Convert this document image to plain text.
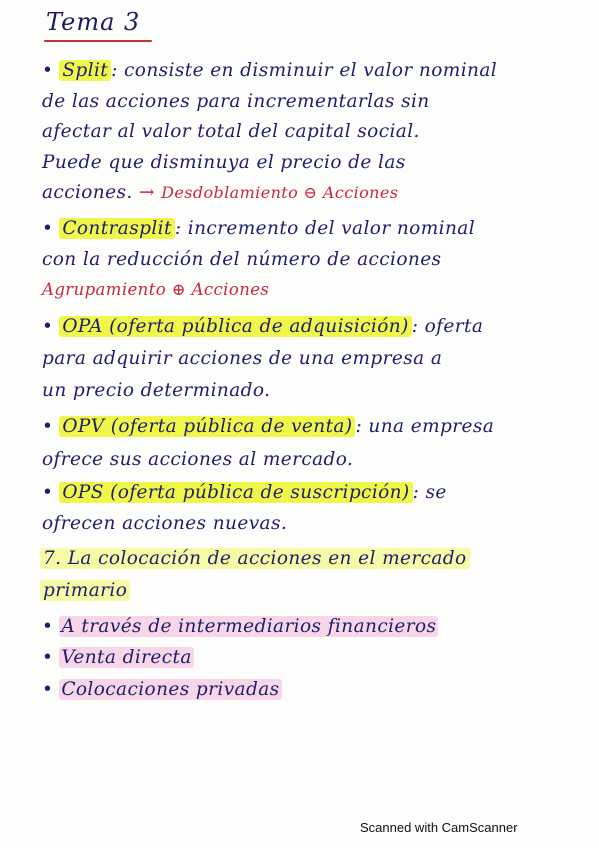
Tema 3
• Split : consiste en disminuir el valor nominal
de las acciones para incrementarlas sin
afectar al valor total del capital social.
Puede que disminuya el precio de las
acciones. → Desdoblamiento ⊖ Acciones
• Contrasplit : incremento del valor nominal
con la reducción del número de acciones
Agrupamiento ⊕ Acciones
• OPA (oferta pública de adquisición) : oferta
para adquirir acciones de una empresa a
un precio determinado.
• OPV (oferta pública de venta) : una empresa
ofrece sus acciones al mercado.
• OPS (oferta pública de suscripción) : se
ofrecen acciones nuevas.
7. La colocación de acciones en el mercado
primario
• A través de intermediarios financieros
• Venta directa
• Colocaciones privadas
Scanned with CamScanner
